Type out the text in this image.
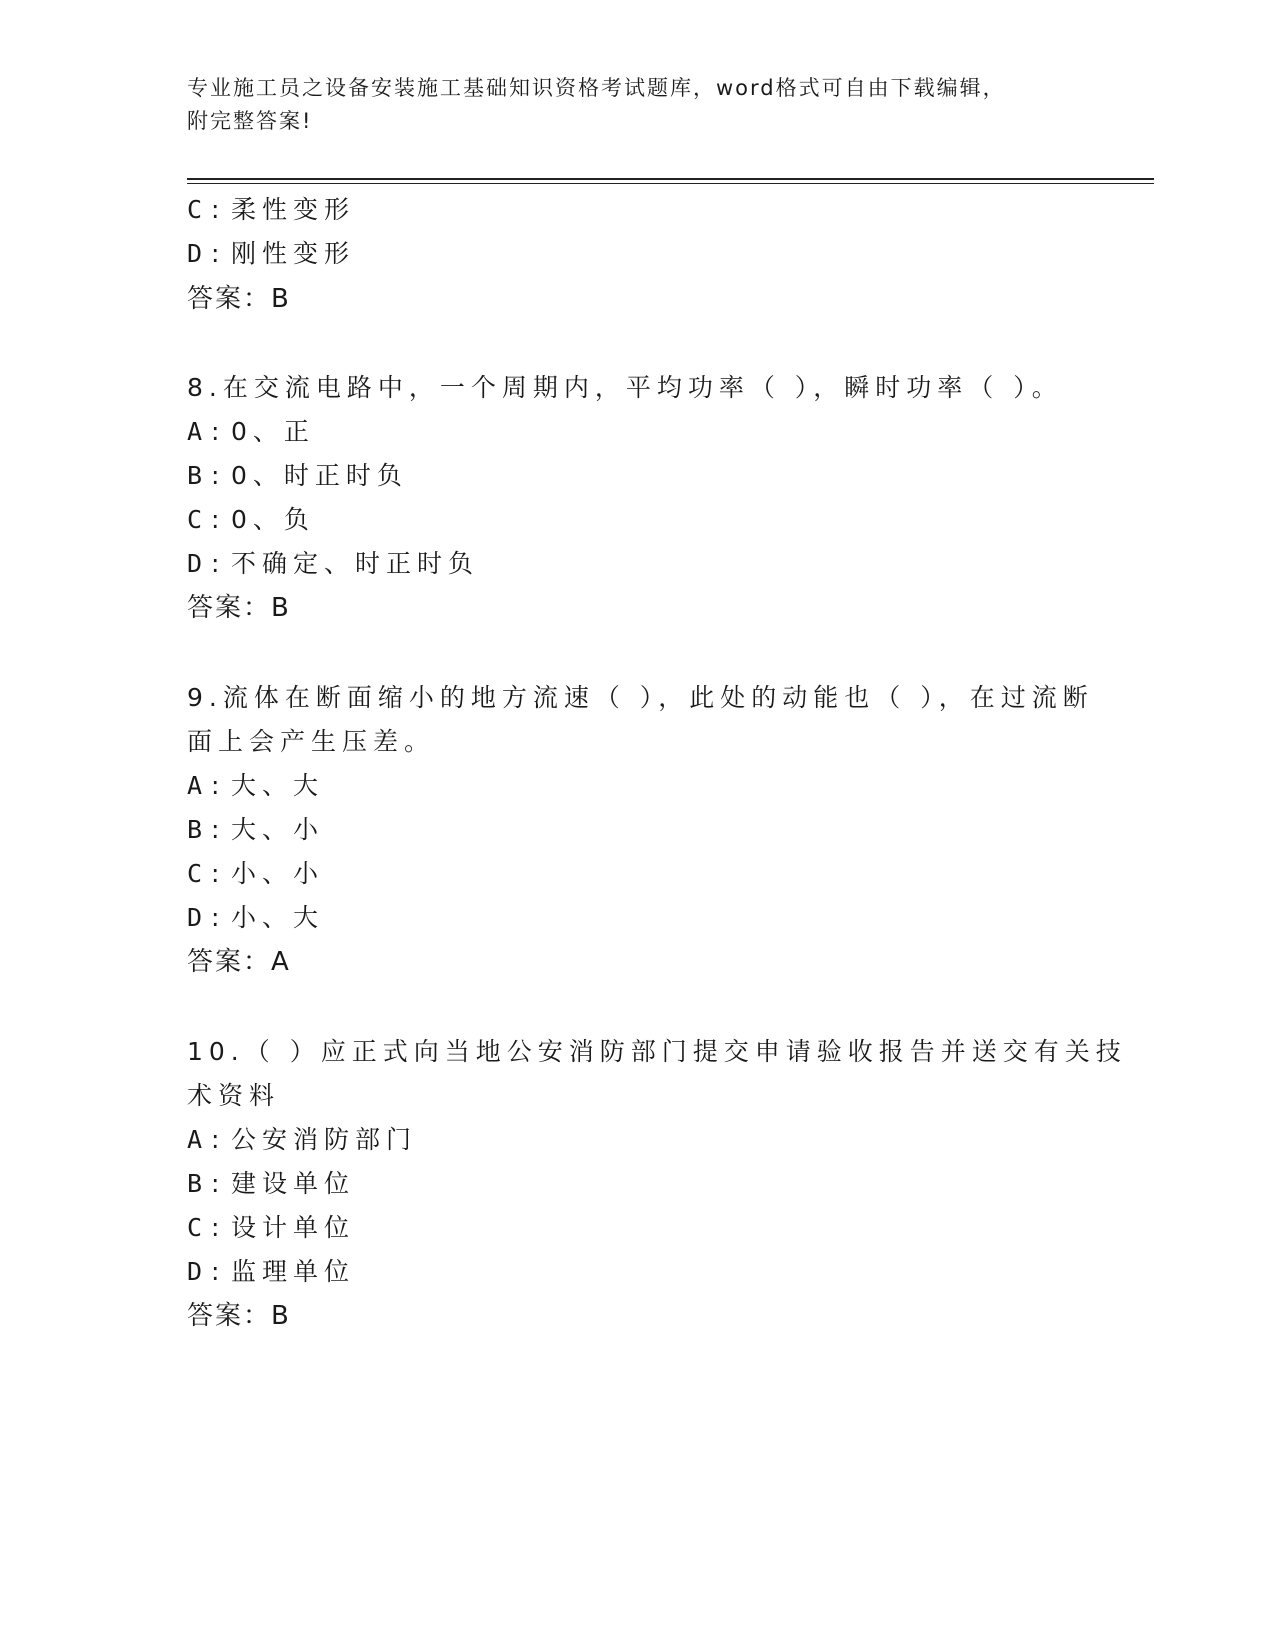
专业施工员之设备安装施工基础知识资格考试题库，word格式可自由下载编辑，
附完整答案!
C : 柔性变形
D : 刚性变形
答案：B
8.在交流电路中，一个周期内，平均功率（ ），瞬时功率（ ）。
A : 0、正
B : 0、时正时负
C : 0、负
D : 不确定、时正时负
答案：B
9.流体在断面缩小的地方流速（ ），此处的动能也（ ），在过流断
面上会产生压差。
A : 大、大
B : 大、小
C : 小、小
D : 小、大
答案：A
10.（ ）应正式向当地公安消防部门提交申请验收报告并送交有关技
术资料
A : 公安消防部门
B : 建设单位
C : 设计单位
D : 监理单位
答案：B
